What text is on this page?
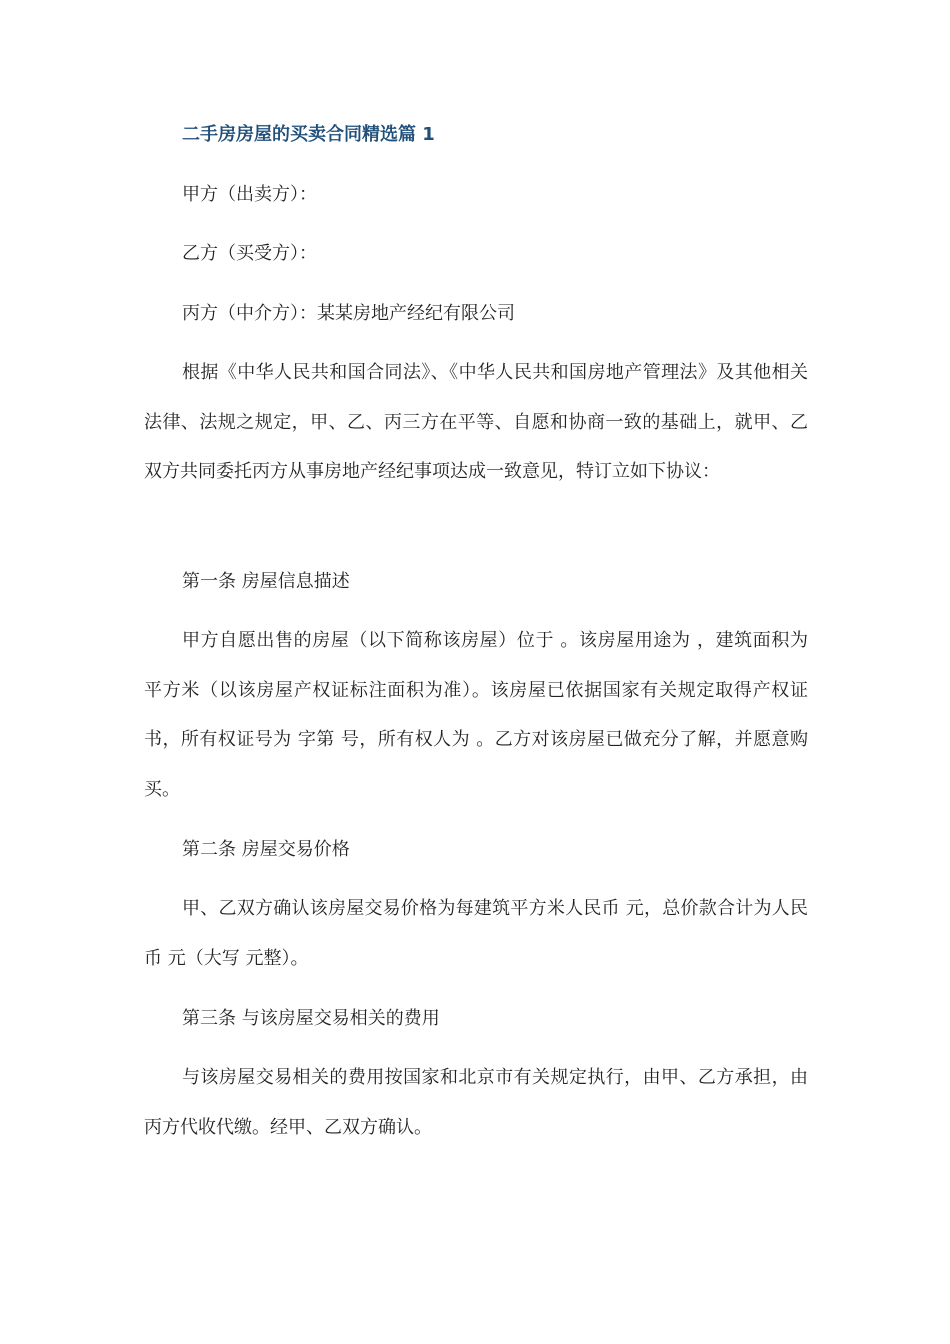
二手房房屋的买卖合同精选篇 1
甲方（出卖方）：
乙方（买受方）：
丙方（中介方）：某某房地产经纪有限公司

根据《中华人民共和国合同法》、《中华人民共和国房地产管理法》及其他相关法律、法规之规定，甲、乙、丙三方在平等、自愿和协商一致的基础上，就甲、乙双方共同委托丙方从事房地产经纪事项达成一致意见，特订立如下协议：

第一条 房屋信息描述

甲方自愿出售的房屋（以下简称该房屋）位于 。该房屋用途为 ，建筑面积为 平方米（以该房屋产权证标注面积为准）。该房屋已依据国家有关规定取得产权证书，所有权证号为 字第 号，所有权人为 。乙方对该房屋已做充分了解，并愿意购买。

第二条 房屋交易价格

甲、乙双方确认该房屋交易价格为每建筑平方米人民币 元，总价款合计为人民币 元（大写 元整）。

第三条 与该房屋交易相关的费用

与该房屋交易相关的费用按国家和北京市有关规定执行，由甲、乙方承担，由丙方代收代缴。经甲、乙双方确认。
